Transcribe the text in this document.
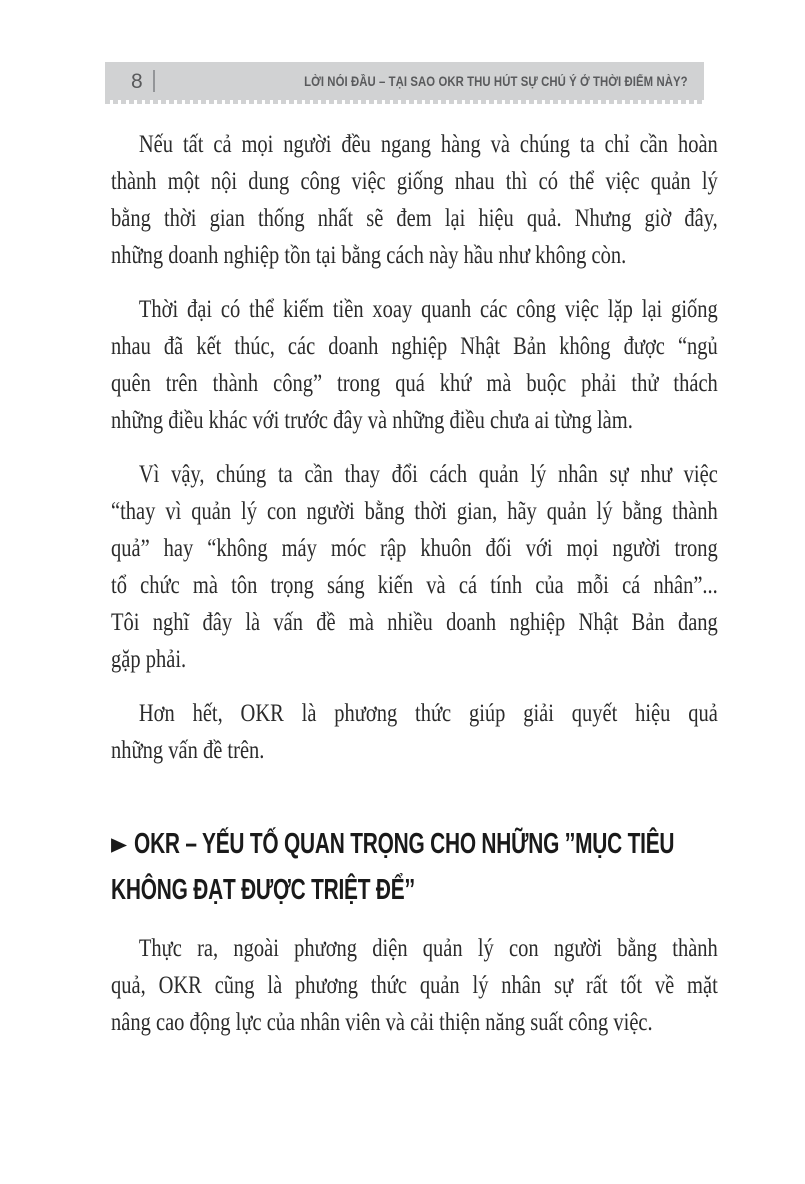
8	LỜI NÓI ĐẦU – TẠI SAO OKR THU HÚT SỰ CHÚ Ý Ở THỜI ĐIỂM NÀY?

Nếu tất cả mọi người đều ngang hàng và chúng ta chỉ cần hoàn
thành một nội dung công việc giống nhau thì có thể việc quản lý
bằng thời gian thống nhất sẽ đem lại hiệu quả. Nhưng giờ đây,
những doanh nghiệp tồn tại bằng cách này hầu như không còn.

Thời đại có thể kiếm tiền xoay quanh các công việc lặp lại giống
nhau đã kết thúc, các doanh nghiệp Nhật Bản không được “ngủ
quên trên thành công” trong quá khứ mà buộc phải thử thách
những điều khác với trước đây và những điều chưa ai từng làm.

Vì vậy, chúng ta cần thay đổi cách quản lý nhân sự như việc
“thay vì quản lý con người bằng thời gian, hãy quản lý bằng thành
quả” hay “không máy móc rập khuôn đối với mọi người trong
tổ chức mà tôn trọng sáng kiến và cá tính của mỗi cá nhân”...
Tôi nghĩ đây là vấn đề mà nhiều doanh nghiệp Nhật Bản đang
gặp phải.

Hơn hết, OKR là phương thức giúp giải quyết hiệu quả
những vấn đề trên.

► OKR – YẾU TỐ QUAN TRỌNG CHO NHỮNG ’’MỤC TIÊU
KHÔNG ĐẠT ĐƯỢC TRIỆT ĐỂ’’

Thực ra, ngoài phương diện quản lý con người bằng thành
quả, OKR cũng là phương thức quản lý nhân sự rất tốt về mặt
nâng cao động lực của nhân viên và cải thiện năng suất công việc.
